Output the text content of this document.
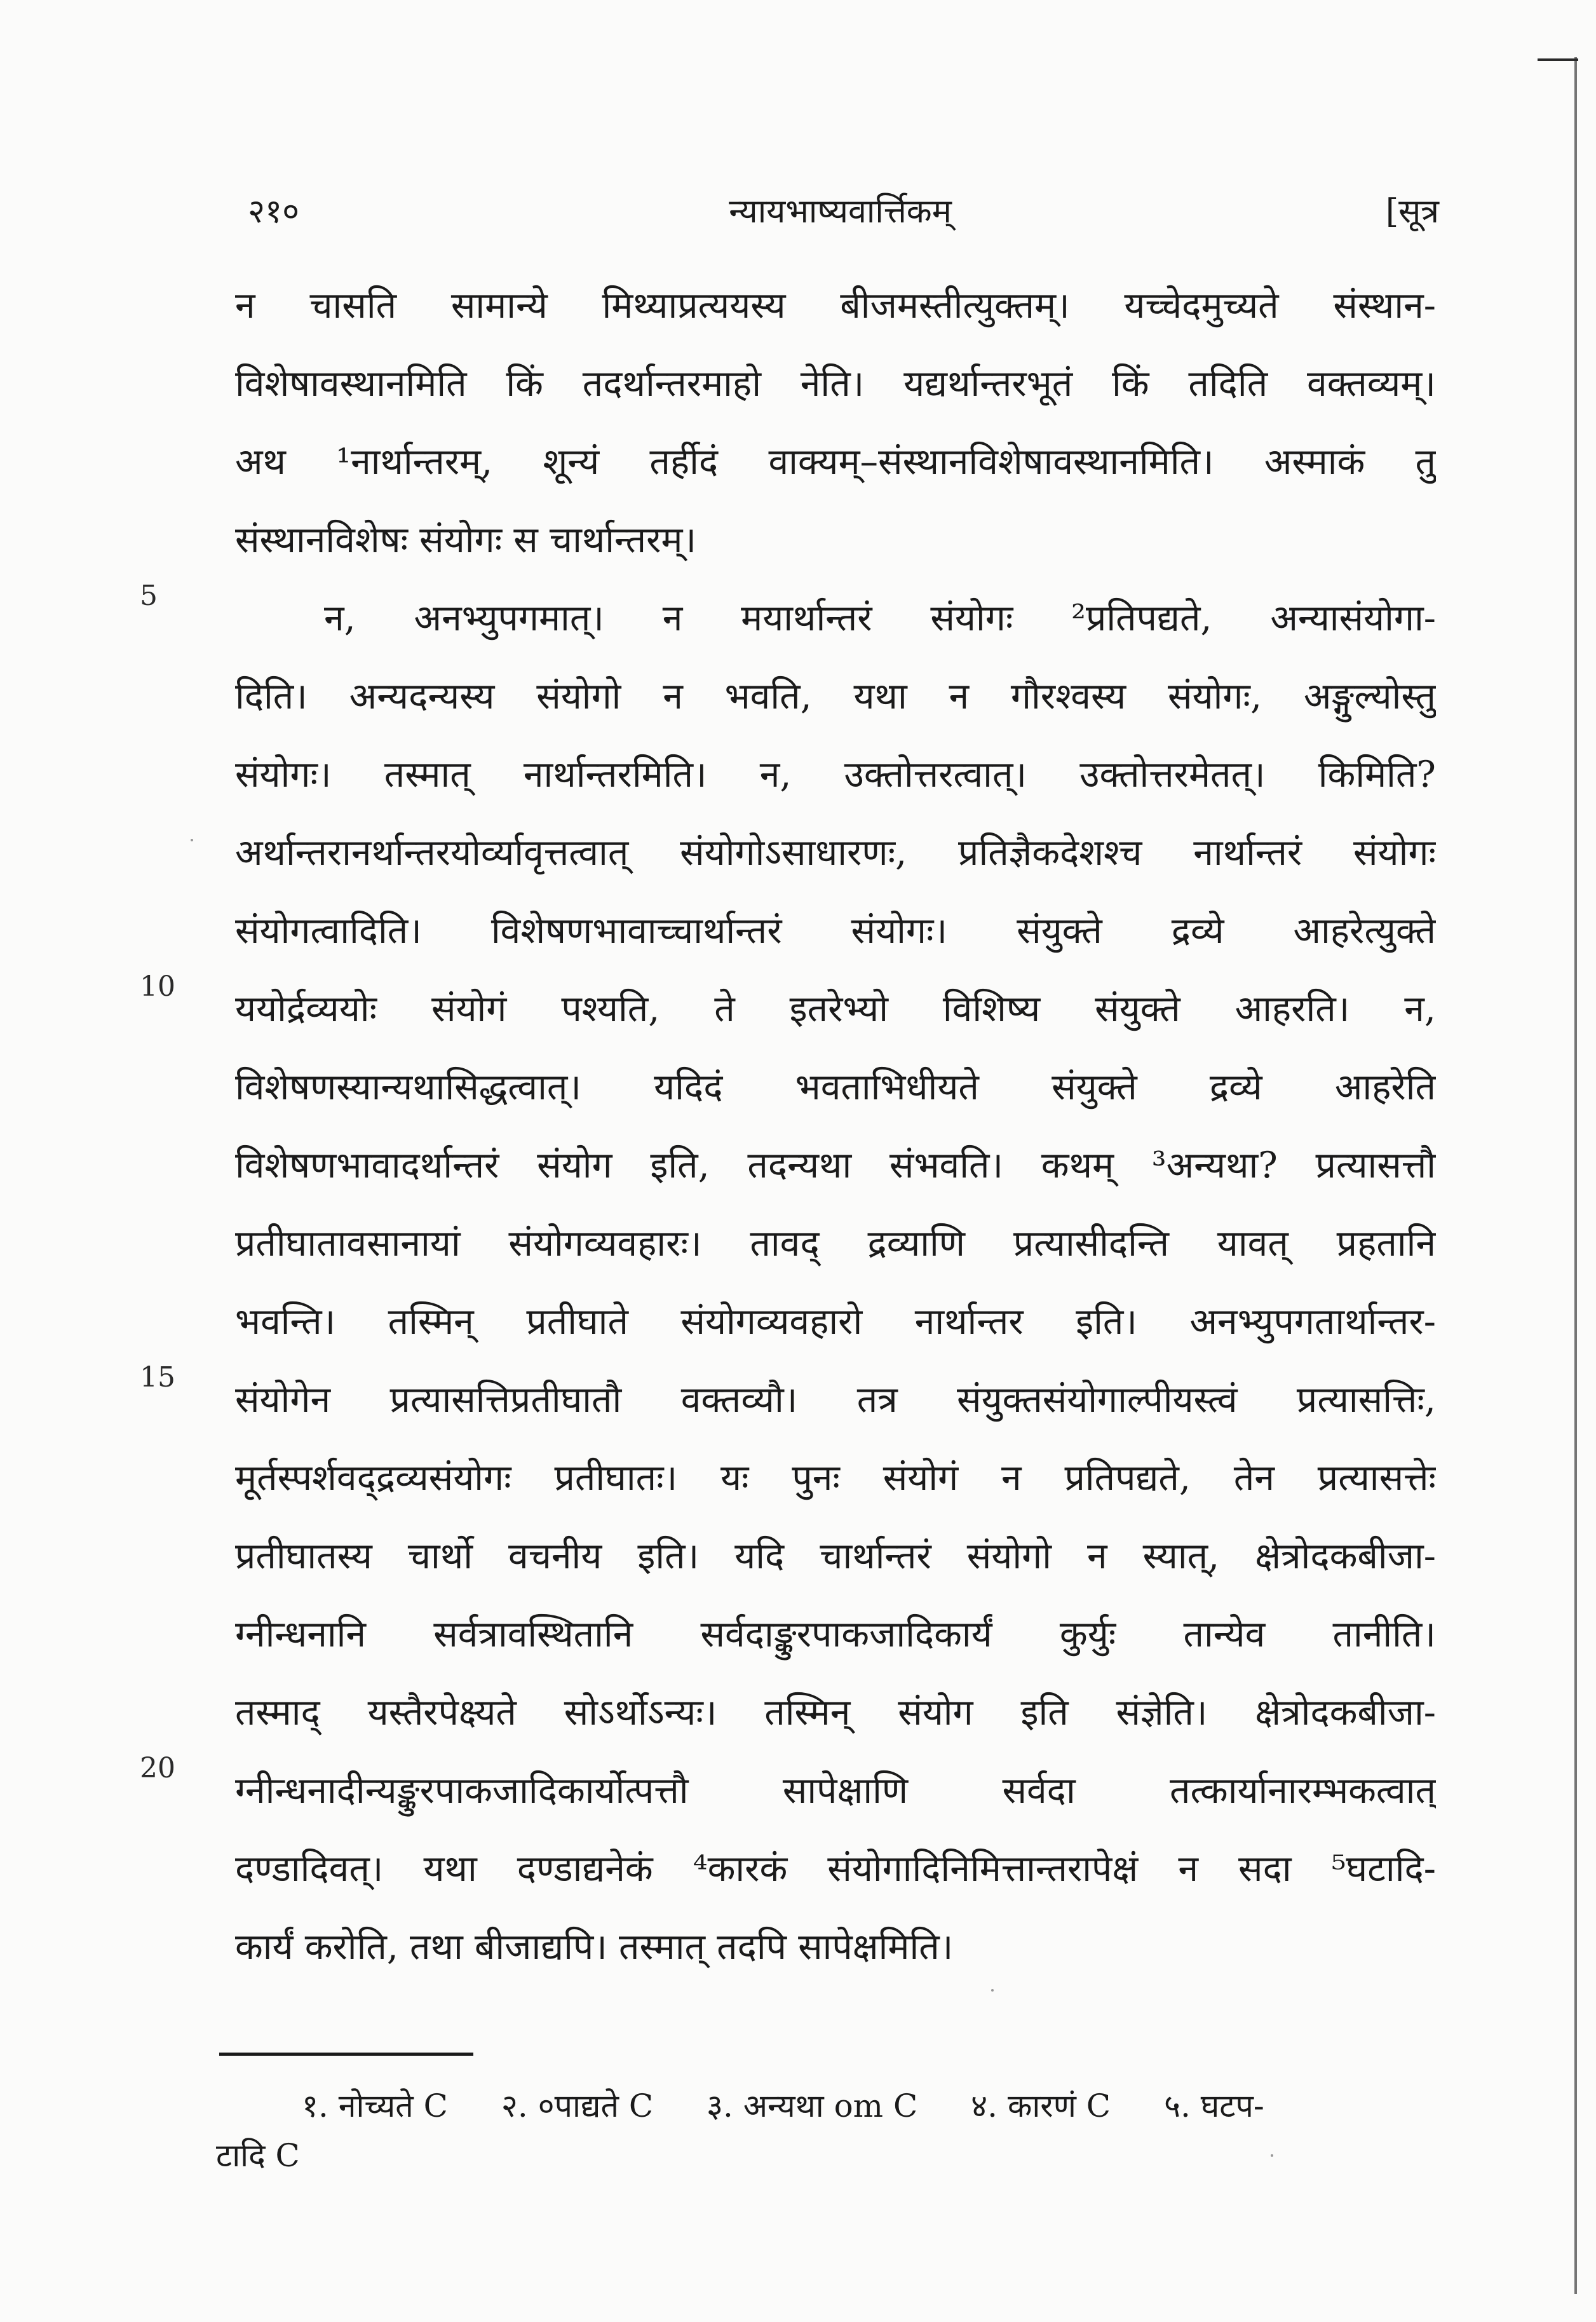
२१०	न्यायभाष्यवार्त्तिकम्	[सूत्र
5
10
15
20
न चासति सामान्ये मिथ्याप्रत्ययस्य बीजमस्तीत्युक्तम्। यच्चेदमुच्यते संस्थान-
विशेषावस्थानमिति किं तदर्थान्तरमाहो नेति। यद्यर्थान्तरभूतं किं तदिति वक्तव्यम्।
अथ ¹नार्थान्तरम्, शून्यं तर्हीदं वाक्यम्–संस्थानविशेषावस्थानमिति। अस्माकं तु
संस्थानविशेषः संयोगः स चार्थान्तरम्।
न, अनभ्युपगमात्। न मयार्थान्तरं संयोगः ²प्रतिपद्यते, अन्यासंयोगा-
दिति। अन्यदन्यस्य संयोगो न भवति, यथा न गौरश्वस्य संयोगः, अङ्गुल्योस्तु
संयोगः। तस्मात् नार्थान्तरमिति। न, उक्तोत्तरत्वात्। उक्तोत्तरमेतत्। किमिति?
अर्थान्तरानर्थान्तरयोर्व्यावृत्तत्वात् संयोगोऽसाधारणः, प्रतिज्ञैकदेशश्च नार्थान्तरं संयोगः
संयोगत्वादिति। विशेषणभावाच्चार्थान्तरं संयोगः। संयुक्ते द्रव्ये आहरेत्युक्ते
ययोर्द्रव्ययोः संयोगं पश्यति, ते इतरेभ्यो विशिष्य संयुक्ते आहरति। न,
विशेषणस्यान्यथासिद्धत्वात्। यदिदं भवताभिधीयते संयुक्ते द्रव्ये आहरेति
विशेषणभावादर्थान्तरं संयोग इति, तदन्यथा संभवति। कथम् ³अन्यथा? प्रत्यासत्तौ
प्रतीघातावसानायां संयोगव्यवहारः। तावद् द्रव्याणि प्रत्यासीदन्ति यावत् प्रहतानि
भवन्ति। तस्मिन् प्रतीघाते संयोगव्यवहारो नार्थान्तर इति। अनभ्युपगतार्थान्तर-
संयोगेन प्रत्यासत्तिप्रतीघातौ वक्तव्यौ। तत्र संयुक्तसंयोगाल्पीयस्त्वं प्रत्यासत्तिः,
मूर्तस्पर्शवद्द्रव्यसंयोगः प्रतीघातः। यः पुनः संयोगं न प्रतिपद्यते, तेन प्रत्यासत्तेः
प्रतीघातस्य चार्थो वचनीय इति। यदि चार्थान्तरं संयोगो न स्यात्, क्षेत्रोदकबीजा-
ग्नीन्धनानि सर्वत्रावस्थितानि सर्वदाङ्कुरपाकजादिकार्यं कुर्युः तान्येव तानीति।
तस्माद् यस्तैरपेक्ष्यते सोऽर्थोऽन्यः। तस्मिन् संयोग इति संज्ञेति। क्षेत्रोदकबीजा-
ग्नीन्धनादीन्यङ्कुरपाकजादिकार्योत्पत्तौ सापेक्षाणि सर्वदा तत्कार्यानारम्भकत्वात्
दण्डादिवत्। यथा दण्डाद्यनेकं ⁴कारकं संयोगादिनिमित्तान्तरापेक्षं न सदा ⁵घटादि-
कार्यं करोति, तथा बीजाद्यपि। तस्मात् तदपि सापेक्षमिति।
१. नोच्यते C २. ०पाद्यते C ३. अन्यथा om C ४. कारणं C ५. घटप-
टादि C
